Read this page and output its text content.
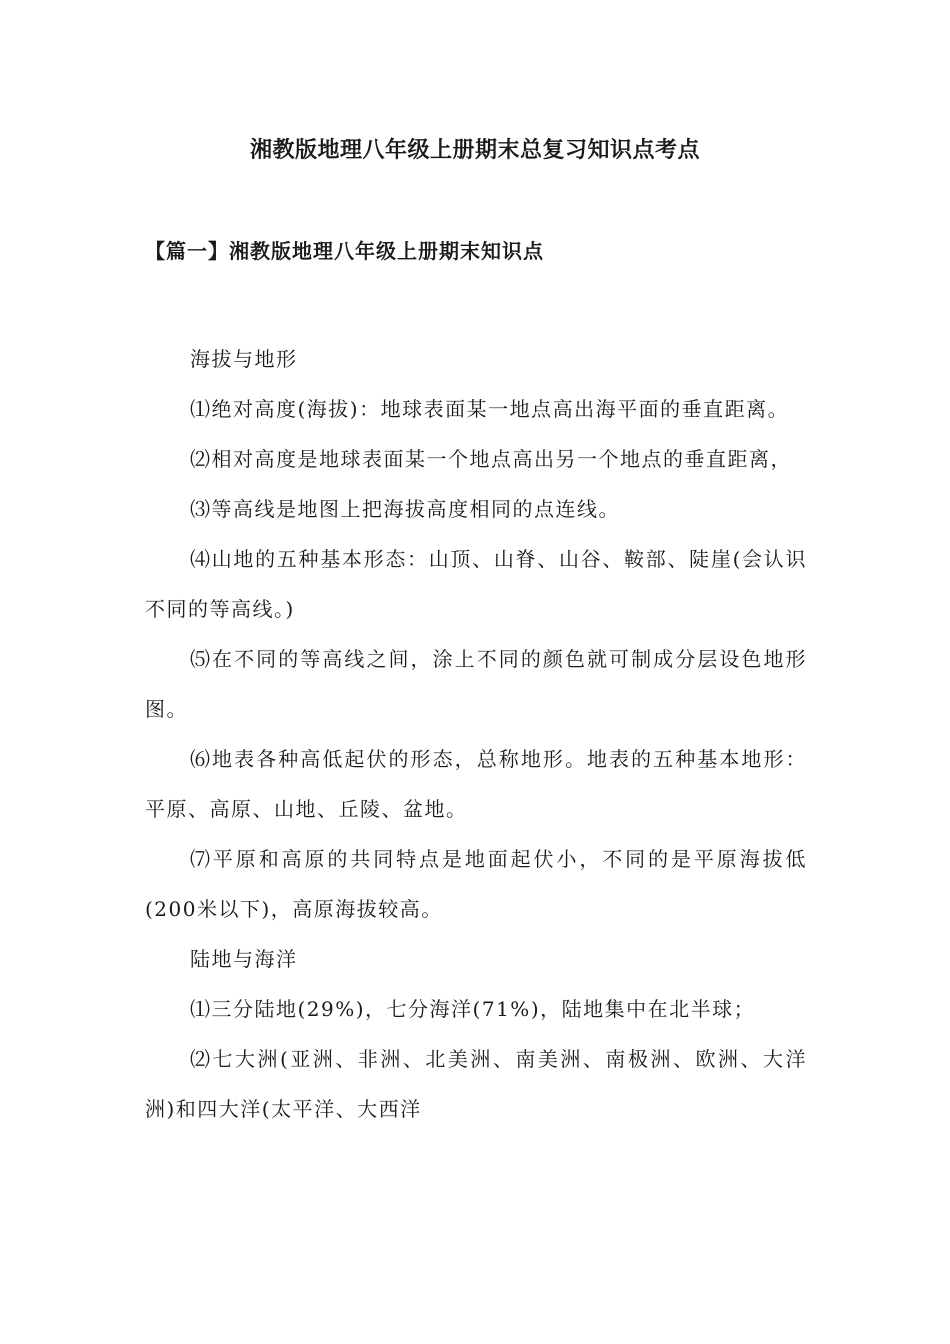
湘教版地理八年级上册期末总复习知识点考点
【篇一】湘教版地理八年级上册期末知识点

海拔与地形

⑴绝对高度(海拔)：地球表面某一地点高出海平面的垂直距离。

⑵相对高度是地球表面某一个地点高出另一个地点的垂直距离，

⑶等高线是地图上把海拔高度相同的点连线。

⑷山地的五种基本形态：山顶、山脊、山谷、鞍部、陡崖(会认识不同的等高线。)

⑸在不同的等高线之间，涂上不同的颜色就可制成分层设色地形图。

⑹地表各种高低起伏的形态，总称地形。地表的五种基本地形：平原、高原、山地、丘陵、盆地。

⑺平原和高原的共同特点是地面起伏小，不同的是平原海拔低(200米以下)，高原海拔较高。

陆地与海洋

⑴三分陆地(29%)，七分海洋(71%)，陆地集中在北半球；

⑵七大洲(亚洲、非洲、北美洲、南美洲、南极洲、欧洲、大洋洲)和四大洋(太平洋、大西洋
